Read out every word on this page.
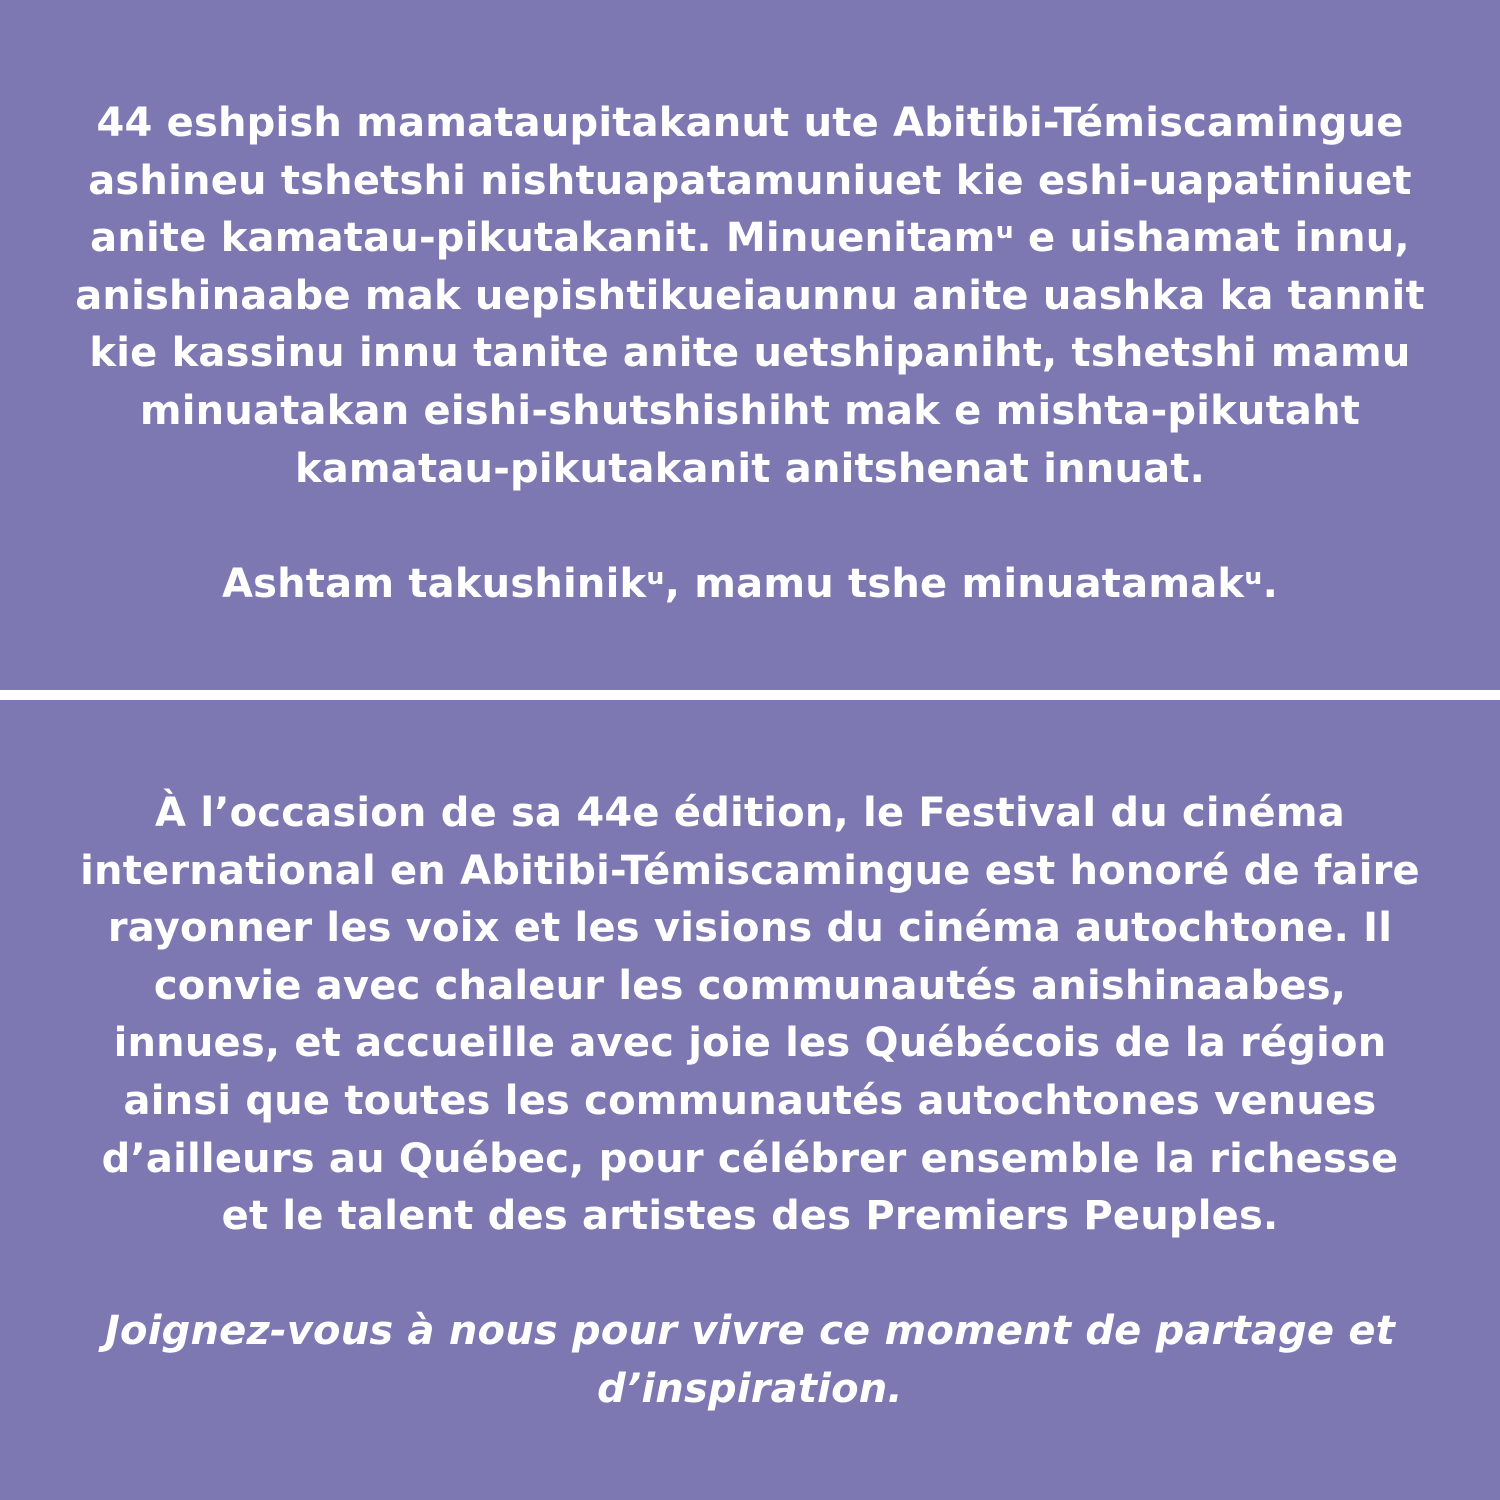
44 eshpish mamataupitakanut ute Abitibi-Témiscamingue
ashineu tshetshi nishtuapatamuniuet kie eshi-uapatiniuet
anite kamatau-pikutakanit. Minuenitamᵘ e uishamat innu,
anishinaabe mak uepishtikueiaunnu anite uashka ka tannit
kie kassinu innu tanite anite uetshipaniht, tshetshi mamu
minuatakan eishi-shutshishiht mak e mishta-pikutaht
kamatau-pikutakanit anitshenat innuat.

Ashtam takushinikᵘ, mamu tshe minuatamakᵘ.

À l’occasion de sa 44e édition, le Festival du cinéma
international en Abitibi-Témiscamingue est honoré de faire
rayonner les voix et les visions du cinéma autochtone. Il
convie avec chaleur les communautés anishinaabes,
innues, et accueille avec joie les Québécois de la région
ainsi que toutes les communautés autochtones venues
d’ailleurs au Québec, pour célébrer ensemble la richesse
et le talent des artistes des Premiers Peuples.

Joignez-vous à nous pour vivre ce moment de partage et
d’inspiration.
